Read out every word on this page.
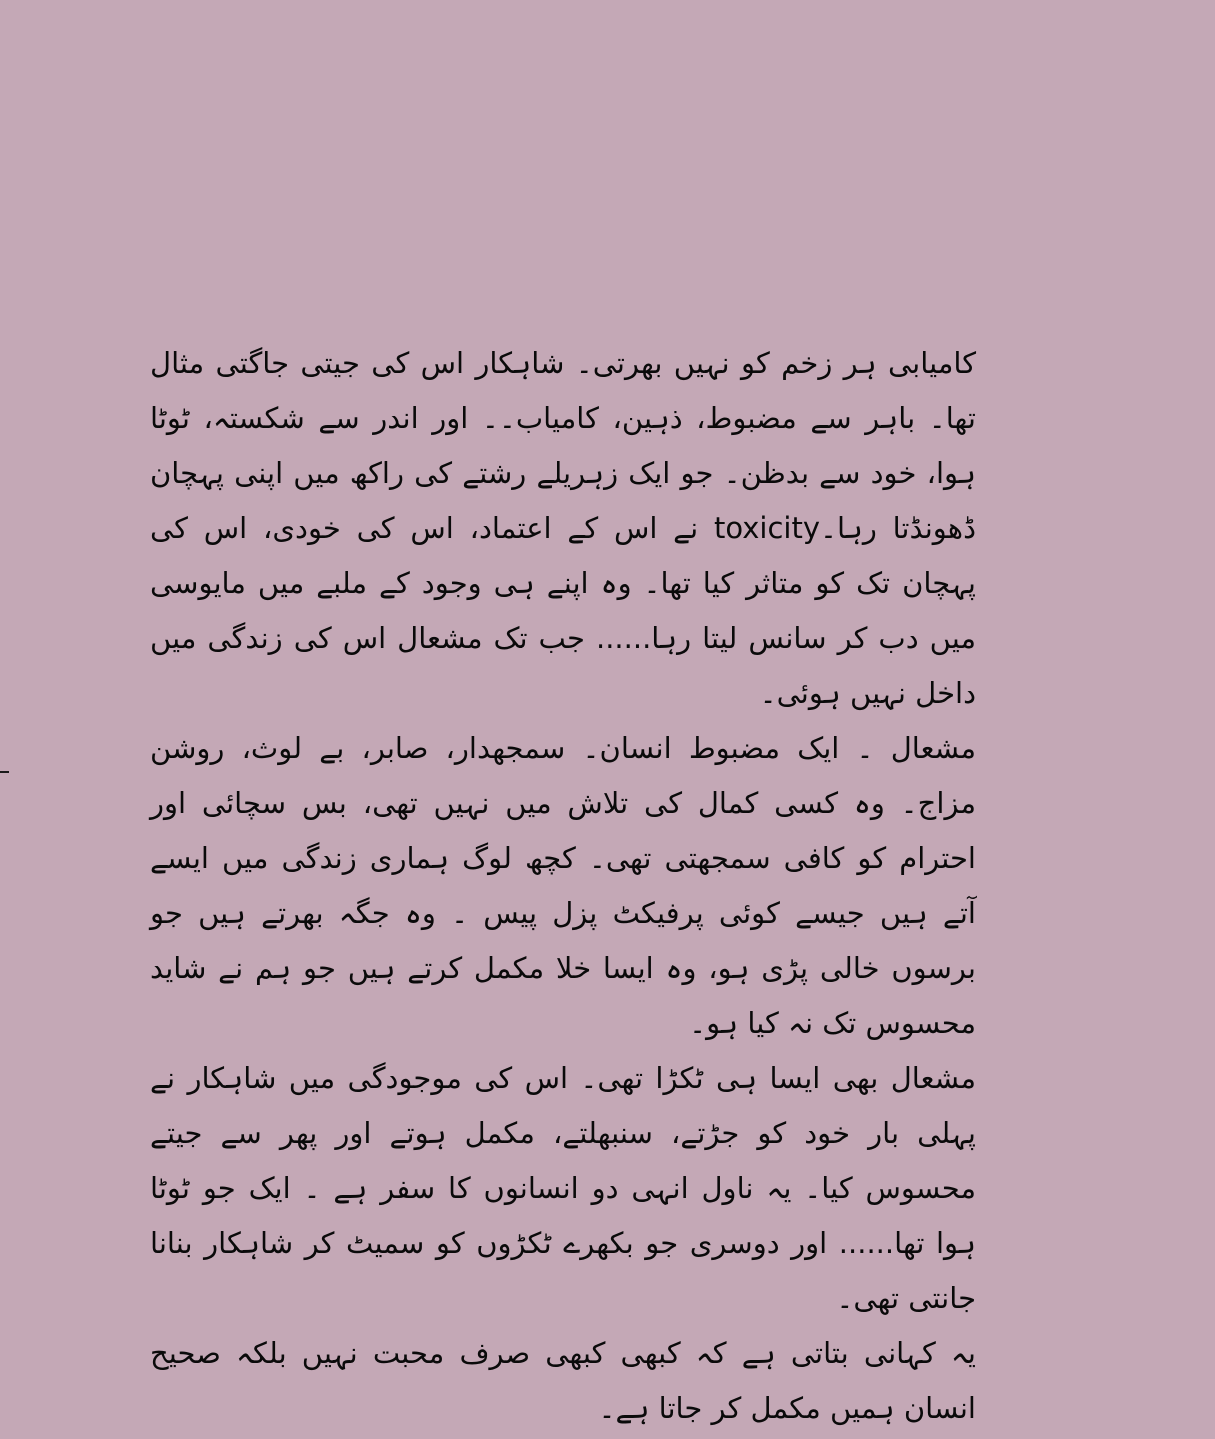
کامیابی ہر زخم کو نہیں بھرتی۔ شاہکار اس کی جیتی جاگتی مثال تھا۔ باہر سے مضبوط، ذہین، کامیاب۔۔ اور اندر سے شکستہ، ٹوٹا ہوا، خود سے بدظن۔ جو ایک زہریلے رشتے کی راکھ میں اپنی پہچان ڈھونڈتا رہا۔toxicity نے اس کے اعتماد، اس کی خودی، اس کی پہچان تک کو متاثر کیا تھا۔ وہ اپنے ہی وجود کے ملبے میں مایوسی میں دب کر سانس لیتا رہا...... جب تک مشعال اس کی زندگی میں داخل نہیں ہوئی۔

مشعال ۔ ایک مضبوط انسان۔ سمجھدار، صابر، بے لوث، روشن مزاج۔ وہ کسی کمال کی تلاش میں نہیں تھی، بس سچائی اور احترام کو کافی سمجھتی تھی۔ کچھ لوگ ہماری زندگی میں ایسے آتے ہیں جیسے کوئی پرفیکٹ پزل پیس ۔ وہ جگہ بھرتے ہیں جو برسوں خالی پڑی ہو، وہ ایسا خلا مکمل کرتے ہیں جو ہم نے شاید محسوس تک نہ کیا ہو۔

مشعال بھی ایسا ہی ٹکڑا تھی۔ اس کی موجودگی میں شاہکار نے پہلی بار خود کو جڑتے، سنبھلتے، مکمل ہوتے اور پھر سے جیتے محسوس کیا۔ یہ ناول انہی دو انسانوں کا سفر ہے ۔ ایک جو ٹوٹا ہوا تھا...... اور دوسری جو بکھرے ٹکڑوں کو سمیٹ کر شاہکار بنانا جانتی تھی۔

یہ کہانی بتاتی ہے کہ کبھی کبھی صرف محبت نہیں بلکہ صحیح انسان ہمیں مکمل کر جاتا ہے۔
